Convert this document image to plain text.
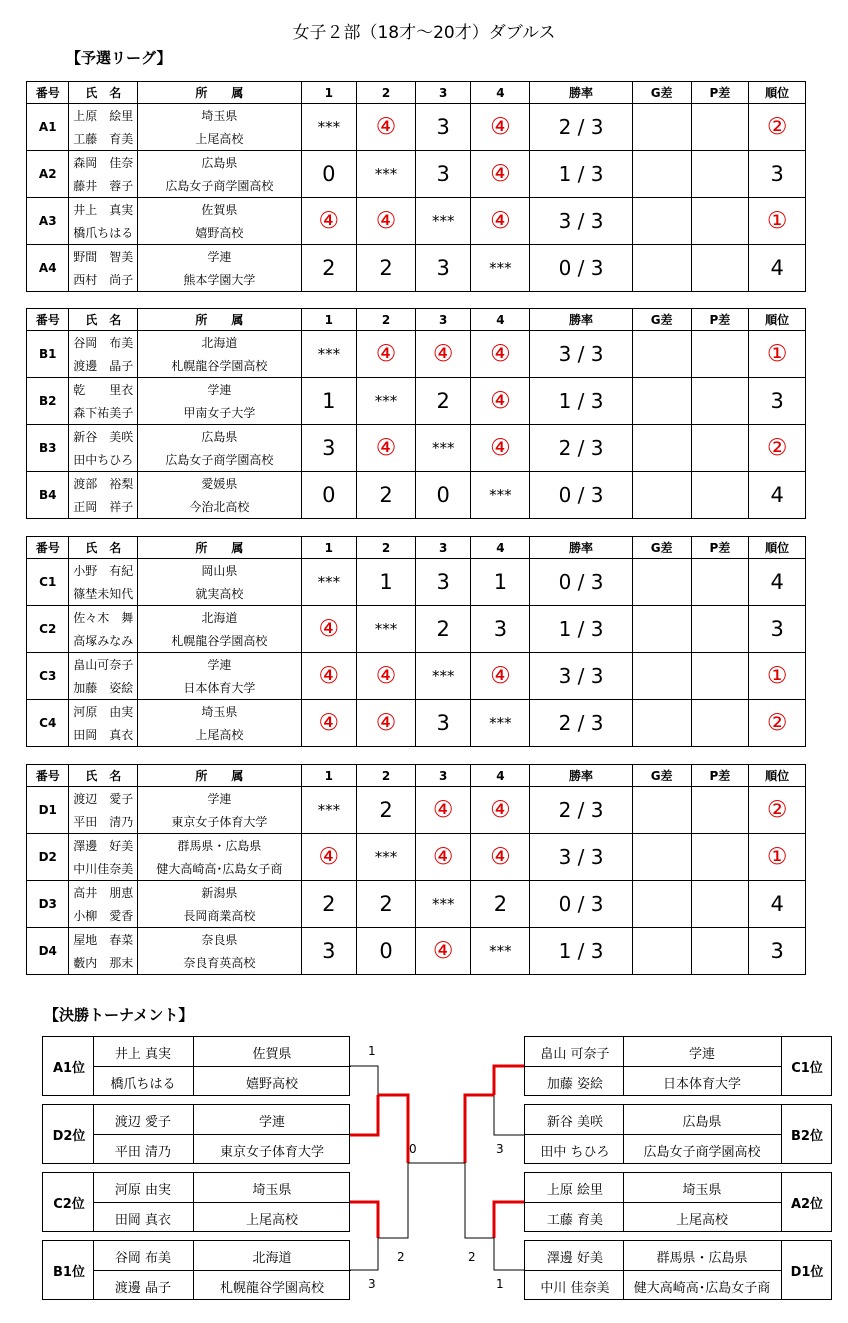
女子２部（18才～20才）ダブルス
【予選リーグ】
【決勝トーナメント】
番号	氏　名	所　　属	1	2	3	4	勝率	G差	P差	順位
A1	上原　絵里	埼玉県	***	④	3	④	2 / 3			②
	工藤　育美	上尾高校								
A2	森岡　佳奈	広島県	0	***	3	④	1 / 3			3
	藤井　蓉子	広島女子商学園高校								
A3	井上　真実	佐賀県	④	④	***	④	3 / 3			①
	橋爪ちはる	嬉野高校								
A4	野間　智美	学連	2	2	3	***	0 / 3			4
	西村　尚子	熊本学園大学								
番号	氏　名	所　　属	1	2	3	4	勝率	G差	P差	順位
B1	谷岡　布美	北海道	***	④	④	④	3 / 3			①
	渡邊　晶子	札幌龍谷学園高校								
B2	乾　　里衣	学連	1	***	2	④	1 / 3			3
	森下祐美子	甲南女子大学								
B3	新谷　美咲	広島県	3	④	***	④	2 / 3			②
	田中ちひろ	広島女子商学園高校								
B4	渡部　裕梨	愛媛県	0	2	0	***	0 / 3			4
	正岡　祥子	今治北高校								
番号	氏　名	所　　属	1	2	3	4	勝率	G差	P差	順位
C1	小野　有紀	岡山県	***	1	3	1	0 / 3			4
	篠埜未知代	就実高校								
C2	佐々木　舞	北海道	④	***	2	3	1 / 3			3
	高塚みなみ	札幌龍谷学園高校								
C3	畠山可奈子	学連	④	④	***	④	3 / 3			①
	加藤　姿絵	日本体育大学								
C4	河原　由実	埼玉県	④	④	3	***	2 / 3			②
	田岡　真衣	上尾高校								
番号	氏　名	所　　属	1	2	3	4	勝率	G差	P差	順位
D1	渡辺　愛子	学連	***	2	④	④	2 / 3			②
	平田　清乃	東京女子体育大学								
D2	澤邊　好美	群馬県・広島県	④	***	④	④	3 / 3			①
	中川佳奈美	健大高崎高･広島女子商								
D3	高井　朋恵	新潟県	2	2	***	2	0 / 3			4
	小柳　愛香	長岡商業高校								
D4	屋地　春菜	奈良県	3	0	④	***	1 / 3			3
	藪内　那末	奈良育英高校								
A1位
井上 真実
橋爪ちはる
佐賀県
嬉野高校
D2位
渡辺 愛子
平田 清乃
学連
東京女子体育大学
C2位
河原 由実
田岡 真衣
埼玉県
上尾高校
B1位
谷岡 布美
渡邊 晶子
北海道
札幌龍谷学園高校
C1位
畠山 可奈子
加藤 姿絵
学連
日本体育大学
B2位
新谷 美咲
田中 ちひろ
広島県
広島女子商学園高校
A2位
上原 絵里
工藤 育美
埼玉県
上尾高校
D1位
澤邊 好美
中川 佳奈美
群馬県・広島県
健大高崎高･広島女子商
1
2
3
3
2
1
0
